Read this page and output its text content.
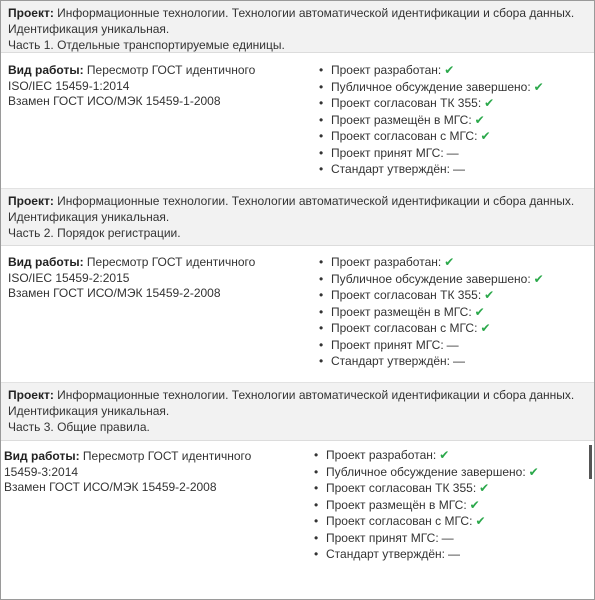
Проект: Информационные технологии. Технологии автоматической идентификации и сбора данных. Идентификация уникальная.
Часть 1. Отдельные транспортируемые единицы.
Вид работы: Пересмотр ГОСТ идентичного
ISO/IEC 15459-1:2014
Взамен ГОСТ ИСО/МЭК 15459-1-2008
• Проект разработан: ✔
• Публичное обсуждение завершено: ✔
• Проект согласован ТК 355: ✔
• Проект размещён в МГС: ✔
• Проект согласован с МГС: ✔
• Проект принят МГС: —
• Стандарт утверждён: —
Проект: Информационные технологии. Технологии автоматической идентификации и сбора данных. Идентификация уникальная.
Часть 2. Порядок регистрации.
Вид работы: Пересмотр ГОСТ идентичного
ISO/IEC 15459-2:2015
Взамен ГОСТ ИСО/МЭК 15459-2-2008
• Проект разработан: ✔
• Публичное обсуждение завершено: ✔
• Проект согласован ТК 355: ✔
• Проект размещён в МГС: ✔
• Проект согласован с МГС: ✔
• Проект принят МГС: —
• Стандарт утверждён: —
Проект: Информационные технологии. Технологии автоматической идентификации и сбора данных. Идентификация уникальная.
Часть 3. Общие правила.
Вид работы: Пересмотр ГОСТ идентичного
15459-3:2014
Взамен ГОСТ ИСО/МЭК 15459-2-2008
• Проект разработан: ✔
• Публичное обсуждение завершено: ✔
• Проект согласован ТК 355: ✔
• Проект размещён в МГС: ✔
• Проект согласован с МГС: ✔
• Проект принят МГС: —
• Стандарт утверждён: —
